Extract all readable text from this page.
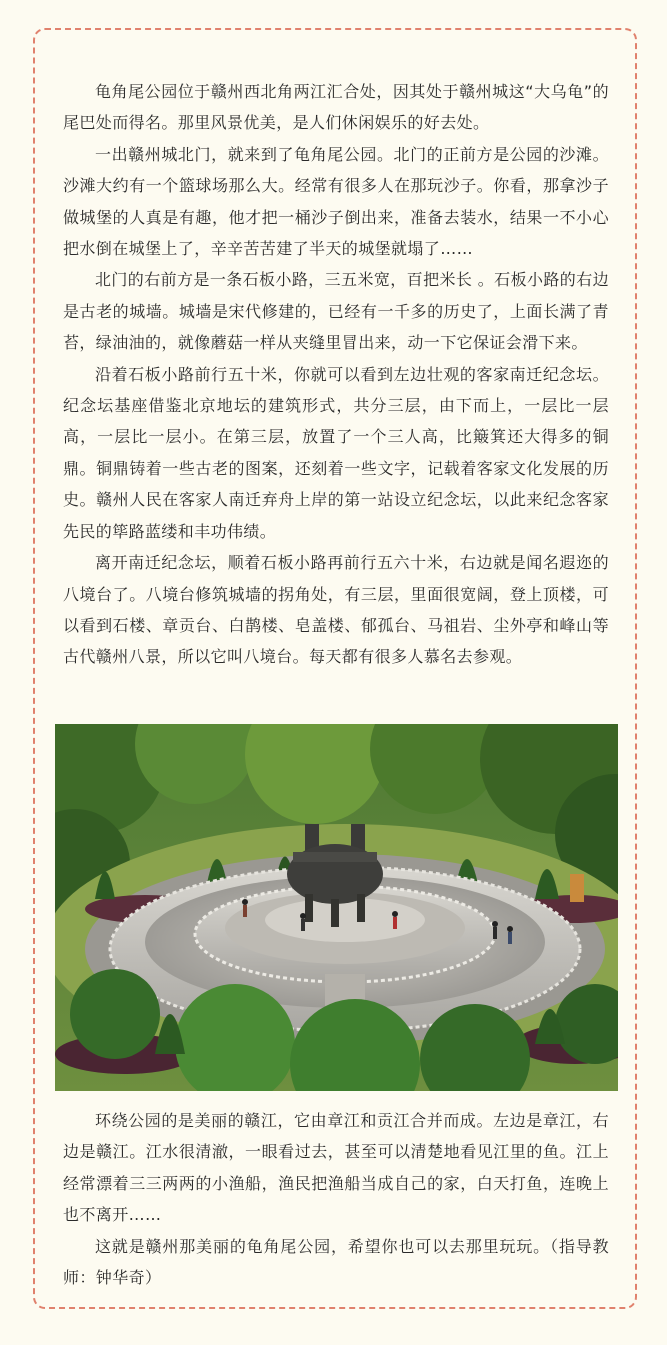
龟角尾公园位于赣州西北角两江汇合处，因其处于赣州城这“大乌龟”的尾巴处而得名。那里风景优美，是人们休闲娱乐的好去处。

一出赣州城北门，就来到了龟角尾公园。北门的正前方是公园的沙滩。沙滩大约有一个篮球场那么大。经常有很多人在那玩沙子。你看，那拿沙子做城堡的人真是有趣，他才把一桶沙子倒出来，准备去装水，结果一不小心把水倒在城堡上了，辛辛苦苦建了半天的城堡就塌了……

北门的右前方是一条石板小路，三五米宽，百把米长 。石板小路的右边是古老的城墙。城墙是宋代修建的，已经有一千多的历史了，上面长满了青苔，绿油油的，就像蘑菇一样从夹缝里冒出来，动一下它保证会滑下来。

沿着石板小路前行五十米，你就可以看到左边壮观的客家南迁纪念坛。纪念坛基座借鉴北京地坛的建筑形式，共分三层，由下而上，一层比一层高，一层比一层小。在第三层，放置了一个三人高，比簸箕还大得多的铜鼎。铜鼎铸着一些古老的图案，还刻着一些文字，记载着客家文化发展的历史。赣州人民在客家人南迁弃舟上岸的第一站设立纪念坛，以此来纪念客家先民的筚路蓝缕和丰功伟绩。

离开南迁纪念坛，顺着石板小路再前行五六十米，右边就是闻名遐迩的八境台了。八境台修筑城墙的拐角处，有三层，里面很宽阔，登上顶楼，可以看到石楼、章贡台、白鹊楼、皂盖楼、郁孤台、马祖岩、尘外亭和峰山等古代赣州八景，所以它叫八境台。每天都有很多人慕名去参观。

环绕公园的是美丽的赣江，它由章江和贡江合并而成。左边是章江，右边是赣江。江水很清澈，一眼看过去，甚至可以清楚地看见江里的鱼。江上经常漂着三三两两的小渔船，渔民把渔船当成自己的家，白天打鱼，连晚上也不离开……

这就是赣州那美丽的龟角尾公园，希望你也可以去那里玩玩。（指导教师：钟华奇）
